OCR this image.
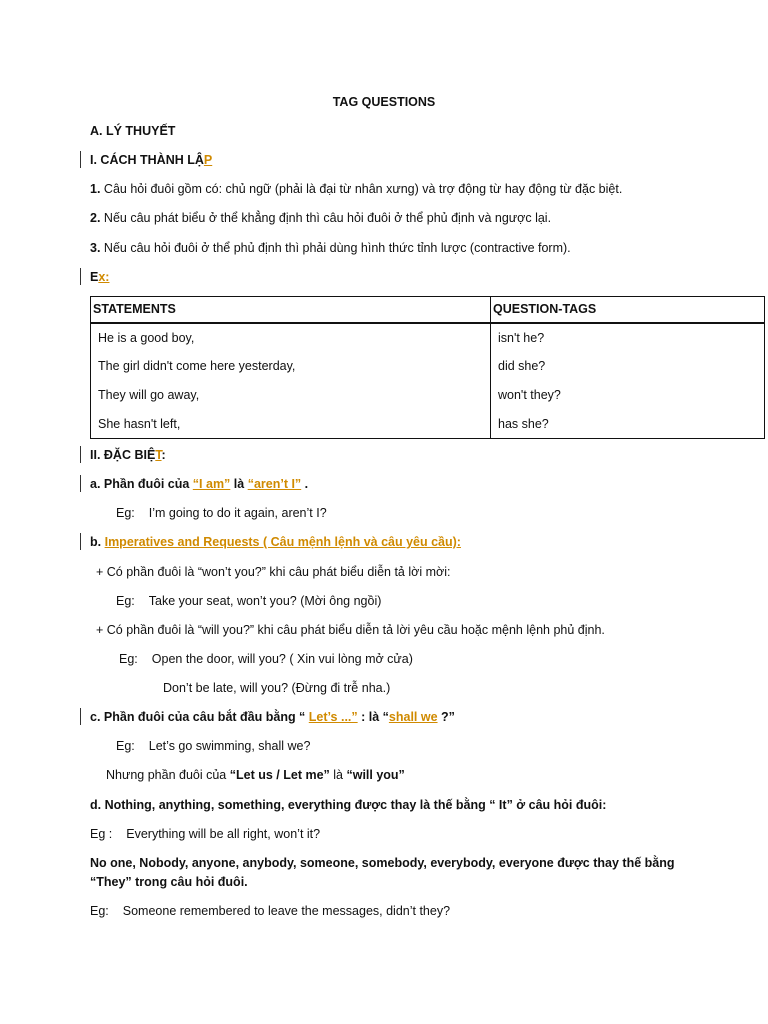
TAG QUESTIONS
A. LÝ THUYẾT
I. CÁCH THÀNH LẬP
1. Câu hỏi đuôi gồm có: chủ ngữ (phải là đại từ nhân xưng) và trợ động từ hay động từ đặc biệt.
2. Nếu câu phát biểu ở thể khẳng định thì câu hỏi đuôi ở thể phủ định và ngược lại.
3. Nếu câu hỏi đuôi ở thể phủ định thì phải dùng hình thức tỉnh lược (contractive form).
Ex:
STATEMENTS	QUESTION-TAGS
He is a good boy,	isn't he?
The girl didn't come here yesterday,	did she?
They will go away,	won't they?
She hasn't left,	has she?
II. ĐẶC BIỆT:
a. Phần đuôi của “I am” là “aren’t I” .
Eg: I’m going to do it again, aren’t I?
b. Imperatives and Requests ( Câu mệnh lệnh và câu yêu cầu):
+ Có phần đuôi là “won’t you?” khi câu phát biểu diễn tả lời mời:
Eg: Take your seat, won’t you? (Mời ông ngồi)
+ Có phần đuôi là “will you?” khi câu phát biểu diễn tả lời yêu cầu hoặc mệnh lệnh phủ định.
Eg: Open the door, will you? ( Xin vui lòng mở cửa)
Don’t be late, will you? (Đừng đi trễ nha.)
c. Phần đuôi của câu bắt đầu bằng “ Let’s ...” : là “shall we ?”
Eg: Let’s go swimming, shall we?
Nhưng phần đuôi của “Let us / Let me” là “will you”
d. Nothing, anything, something, everything được thay là thế bằng “ It” ở câu hỏi đuôi:
Eg : Everything will be all right, won’t it?
No one, Nobody, anyone, anybody, someone, somebody, everybody, everyone được thay thế bằng
“They” trong câu hỏi đuôi.
Eg: Someone remembered to leave the messages, didn’t they?
